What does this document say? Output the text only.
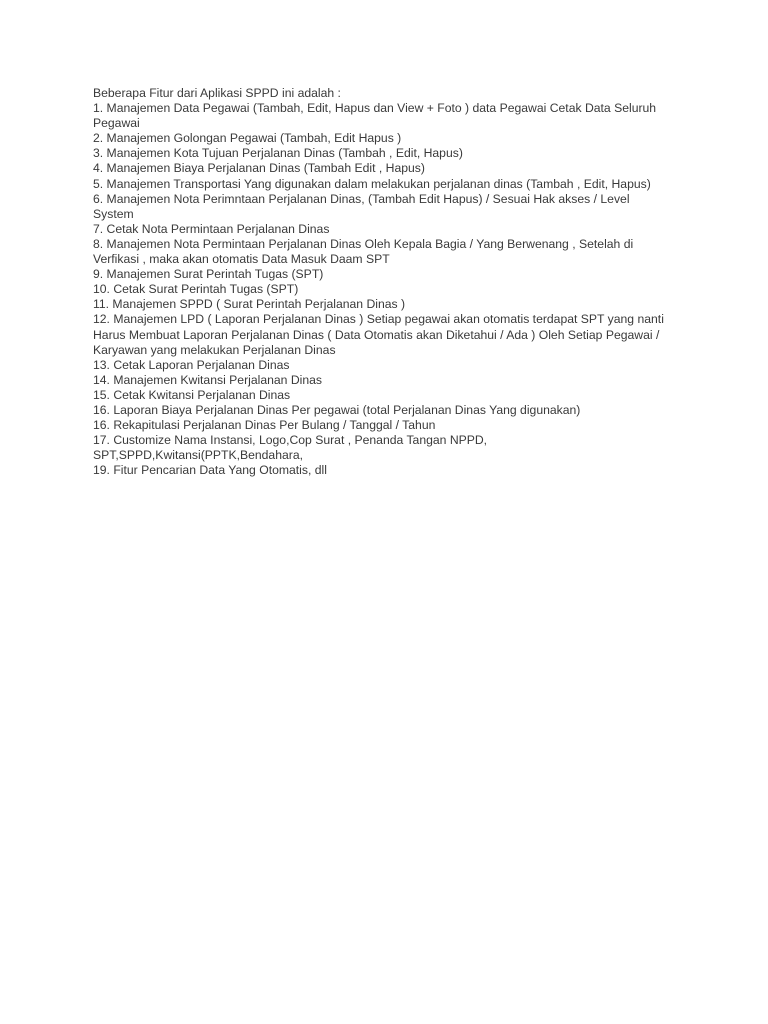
Beberapa Fitur dari Aplikasi SPPD ini adalah :

1. Manajemen Data Pegawai (Tambah, Edit, Hapus dan View + Foto ) data Pegawai Cetak Data Seluruh Pegawai
2. Manajemen Golongan Pegawai (Tambah, Edit Hapus )
3. Manajemen Kota Tujuan Perjalanan Dinas (Tambah , Edit, Hapus)
4. Manajemen Biaya Perjalanan Dinas (Tambah Edit , Hapus)
5. Manajemen Transportasi Yang digunakan dalam melakukan perjalanan dinas (Tambah , Edit, Hapus)
6. Manajemen Nota Perimntaan Perjalanan Dinas, (Tambah Edit Hapus) / Sesuai Hak akses / Level System
7. Cetak Nota Permintaan Perjalanan Dinas
8. Manajemen Nota Permintaan Perjalanan Dinas Oleh Kepala Bagia / Yang Berwenang , Setelah di Verfikasi , maka akan otomatis Data Masuk Daam SPT
9. Manajemen Surat Perintah Tugas (SPT)
10. Cetak Surat Perintah Tugas (SPT)
11. Manajemen SPPD ( Surat Perintah Perjalanan Dinas )
12. Manajemen LPD ( Laporan Perjalanan Dinas ) Setiap pegawai akan otomatis terdapat SPT yang nanti Harus Membuat Laporan Perjalanan Dinas ( Data Otomatis akan Diketahui / Ada ) Oleh Setiap Pegawai / Karyawan yang melakukan Perjalanan Dinas
13. Cetak Laporan Perjalanan Dinas
14. Manajemen Kwitansi Perjalanan Dinas
15. Cetak Kwitansi Perjalanan Dinas
16. Laporan Biaya Perjalanan Dinas Per pegawai (total Perjalanan Dinas Yang digunakan)
16. Rekapitulasi Perjalanan Dinas Per Bulang / Tanggal / Tahun
17. Customize Nama Instansi, Logo,Cop Surat , Penanda Tangan NPPD, SPT,SPPD,Kwitansi(PPTK,Bendahara,
19. Fitur Pencarian Data Yang Otomatis, dll
